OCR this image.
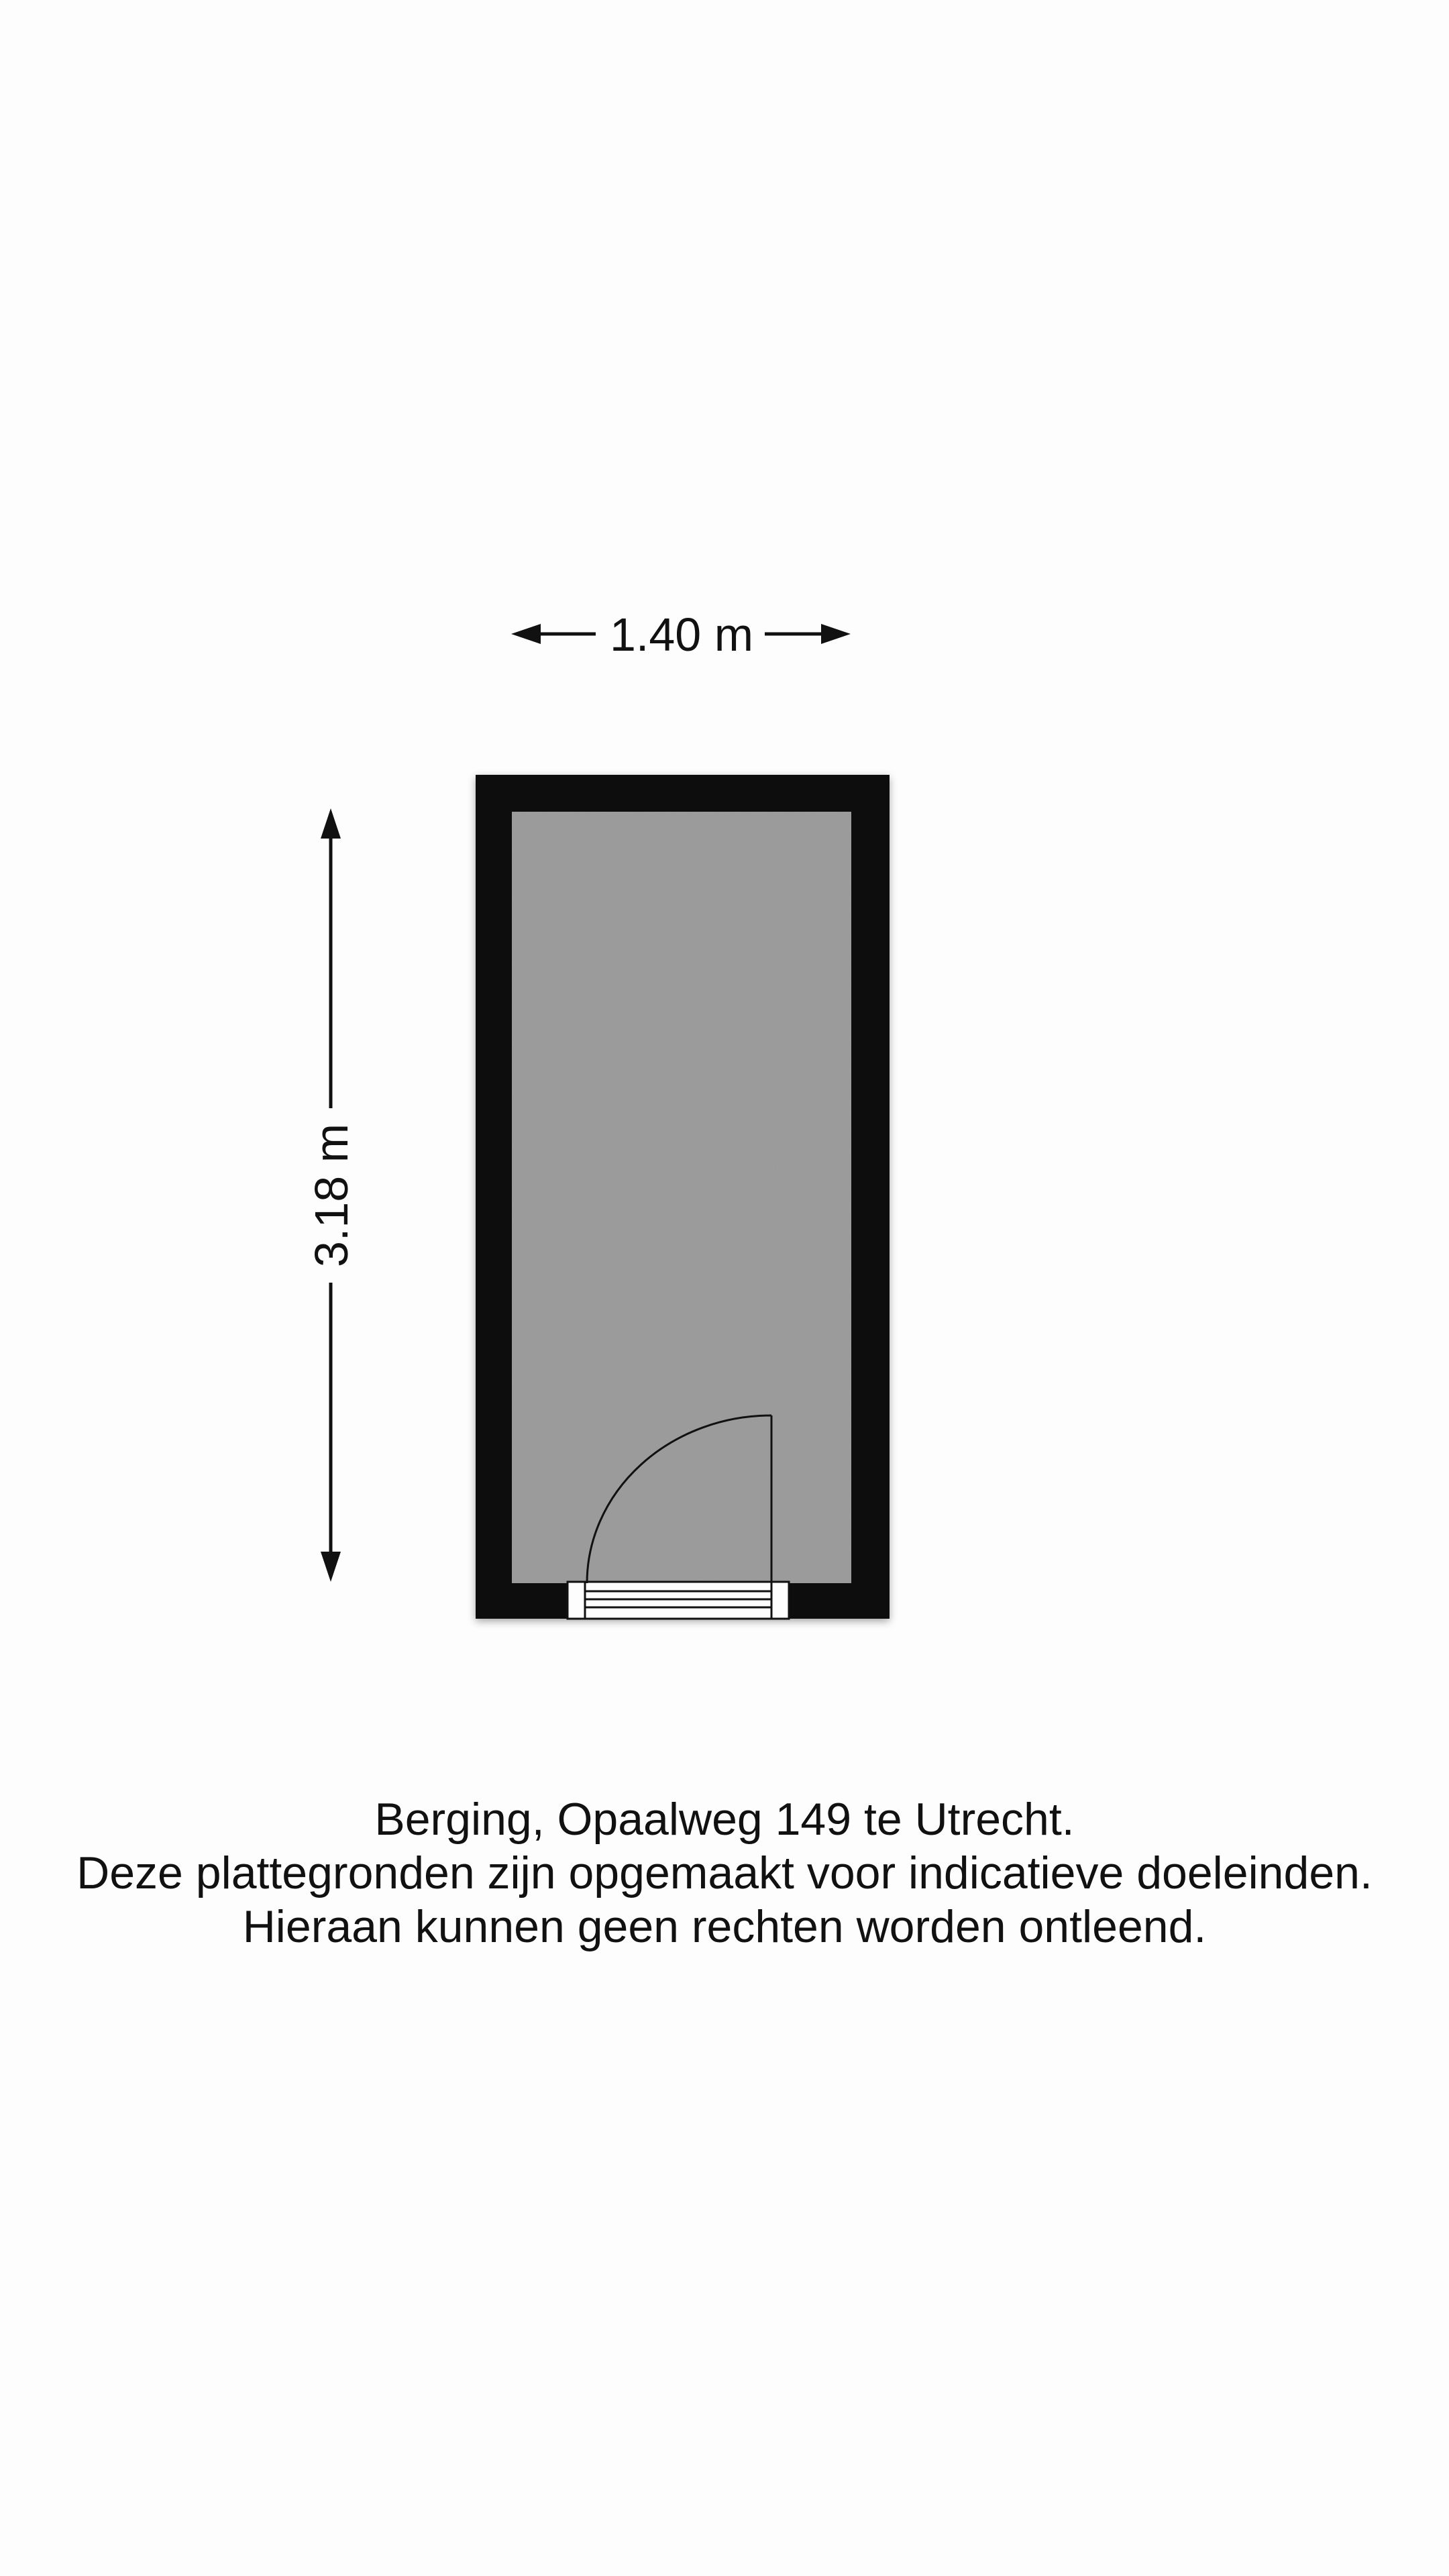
1.40 m
3.18 m
Berging, Opaalweg 149 te Utrecht.
Deze plattegronden zijn opgemaakt voor indicatieve doeleinden.
Hieraan kunnen geen rechten worden ontleend.
